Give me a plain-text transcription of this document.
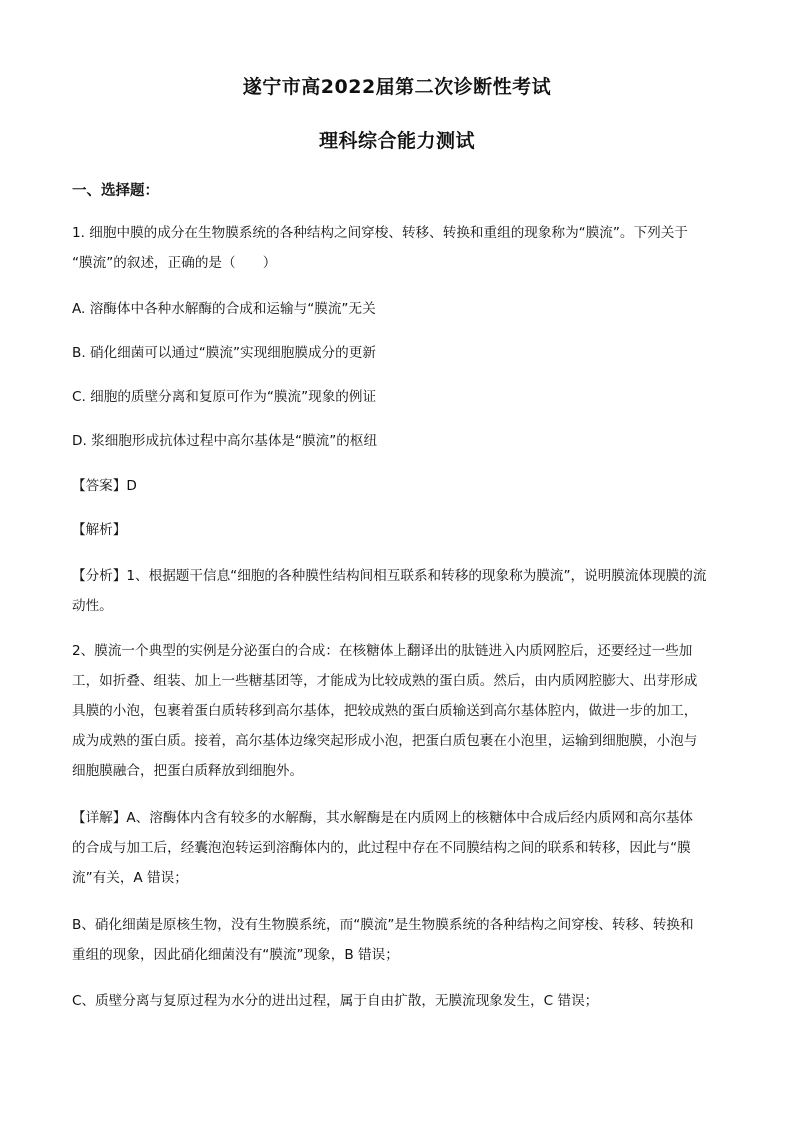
遂宁市高2022届第二次诊断性考试
理科综合能力测试
一、选择题：
1. 细胞中膜的成分在生物膜系统的各种结构之间穿梭、转移、转换和重组的现象称为“膜流”。下列关于
“膜流”的叙述，正确的是（　　）
A. 溶酶体中各种水解酶的合成和运输与“膜流”无关
B. 硝化细菌可以通过“膜流”实现细胞膜成分的更新
C. 细胞的质壁分离和复原可作为“膜流”现象的例证
D. 浆细胞形成抗体过程中高尔基体是“膜流”的枢纽
【答案】D
【解析】
【分析】1、根据题干信息“细胞的各种膜性结构间相互联系和转移的现象称为膜流”，说明膜流体现膜的流
动性。
2、膜流一个典型的实例是分泌蛋白的合成：在核糖体上翻译出的肽链进入内质网腔后，还要经过一些加
工，如折叠、组装、加上一些糖基团等，才能成为比较成熟的蛋白质。然后，由内质网腔膨大、出芽形成
具膜的小泡，包裹着蛋白质转移到高尔基体，把较成熟的蛋白质输送到高尔基体腔内，做进一步的加工，
成为成熟的蛋白质。接着，高尔基体边缘突起形成小泡，把蛋白质包裹在小泡里，运输到细胞膜，小泡与
细胞膜融合，把蛋白质释放到细胞外。
【详解】A、溶酶体内含有较多的水解酶，其水解酶是在内质网上的核糖体中合成后经内质网和高尔基体
的合成与加工后，经囊泡泡转运到溶酶体内的，此过程中存在不同膜结构之间的联系和转移，因此与“膜
流”有关，A 错误；
B、硝化细菌是原核生物，没有生物膜系统，而“膜流”是生物膜系统的各种结构之间穿梭、转移、转换和
重组的现象，因此硝化细菌没有“膜流”现象，B 错误；
C、质壁分离与复原过程为水分的进出过程，属于自由扩散，无膜流现象发生，C 错误；
